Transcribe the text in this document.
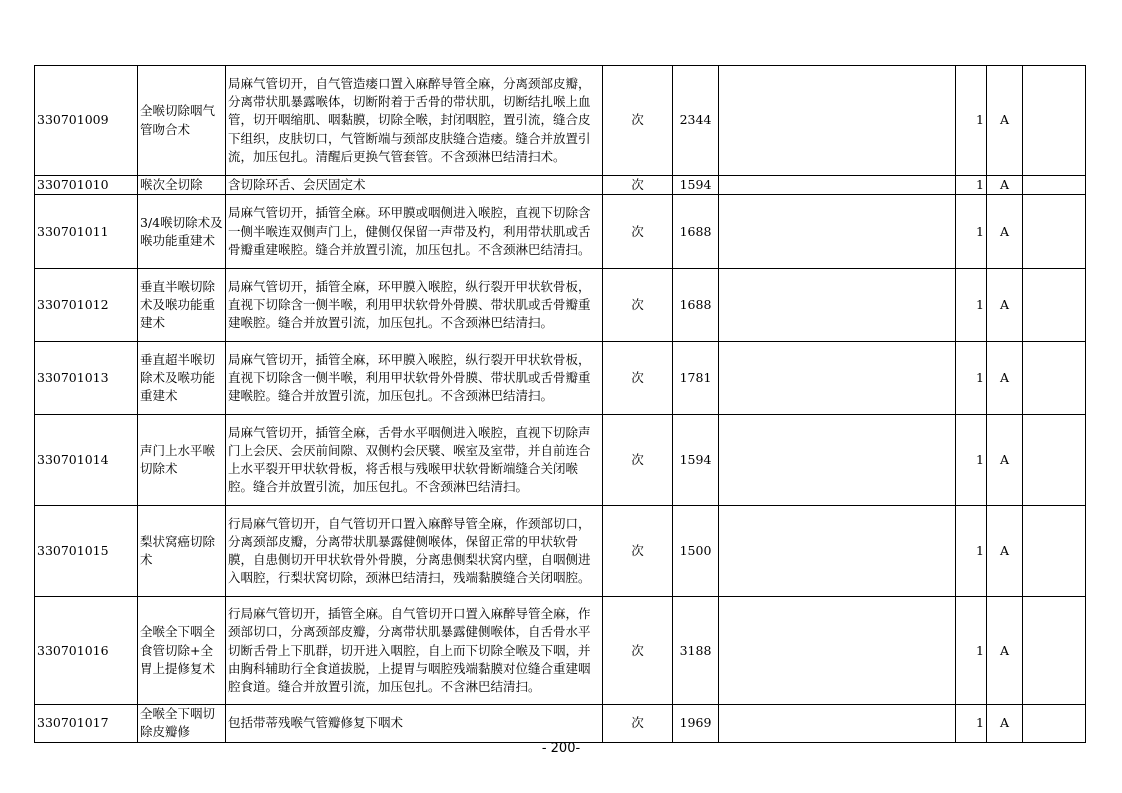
330701009	全喉切除咽气管吻合术	局麻气管切开，自气管造瘘口置入麻醉导管全麻，分离颈部皮瓣，分离带状肌暴露喉体，切断附着于舌骨的带状肌，切断结扎喉上血管，切开咽缩肌、咽黏膜，切除全喉，封闭咽腔，置引流，缝合皮下组织，皮肤切口，气管断端与颈部皮肤缝合造瘘。缝合并放置引流，加压包扎。清醒后更换气管套管。不含颈淋巴结清扫术。	次	2344		1	A	
330701010	喉次全切除	含切除环舌、会厌固定术	次	1594		1	A	
330701011	3/4喉切除术及喉功能重建术	局麻气管切开，插管全麻。环甲膜或咽侧进入喉腔，直视下切除含一侧半喉连双侧声门上，健侧仅保留一声带及杓，利用带状肌或舌骨瓣重建喉腔。缝合并放置引流，加压包扎。不含颈淋巴结清扫。	次	1688		1	A	
330701012	垂直半喉切除术及喉功能重建术	局麻气管切开，插管全麻，环甲膜入喉腔，纵行裂开甲状软骨板，直视下切除含一侧半喉，利用甲状软骨外骨膜、带状肌或舌骨瓣重建喉腔。缝合并放置引流，加压包扎。不含颈淋巴结清扫。	次	1688		1	A	
330701013	垂直超半喉切除术及喉功能重建术	局麻气管切开，插管全麻，环甲膜入喉腔，纵行裂开甲状软骨板，直视下切除含一侧半喉，利用甲状软骨外骨膜、带状肌或舌骨瓣重建喉腔。缝合并放置引流，加压包扎。不含颈淋巴结清扫。	次	1781		1	A	
330701014	声门上水平喉切除术	局麻气管切开，插管全麻，舌骨水平咽侧进入喉腔，直视下切除声门上会厌、会厌前间隙、双侧杓会厌襞、喉室及室带，并自前连合上水平裂开甲状软骨板，将舌根与残喉甲状软骨断端缝合关闭喉腔。缝合并放置引流，加压包扎。不含颈淋巴结清扫。	次	1594		1	A	
330701015	梨状窝癌切除术	行局麻气管切开，自气管切开口置入麻醉导管全麻，作颈部切口，分离颈部皮瓣，分离带状肌暴露健侧喉体，保留正常的甲状软骨膜，自患侧切开甲状软骨外骨膜，分离患侧梨状窝内壁，自咽侧进入咽腔，行梨状窝切除，颈淋巴结清扫，残端黏膜缝合关闭咽腔。	次	1500		1	A	
330701016	全喉全下咽全食管切除+全胃上提修复术	行局麻气管切开，插管全麻。自气管切开口置入麻醉导管全麻，作颈部切口，分离颈部皮瓣，分离带状肌暴露健侧喉体，自舌骨水平切断舌骨上下肌群，切开进入咽腔，自上而下切除全喉及下咽，并由胸科辅助行全食道拔脱，上提胃与咽腔残端黏膜对位缝合重建咽腔食道。缝合并放置引流，加压包扎。不含淋巴结清扫。	次	3188		1	A	
330701017	全喉全下咽切除皮瓣修	包括带蒂残喉气管瓣修复下咽术	次	1969		1	A	
- 200-
